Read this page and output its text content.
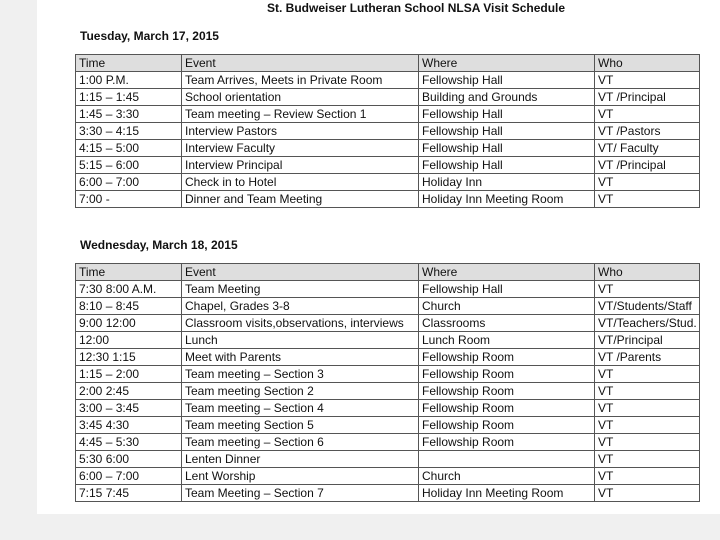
St. Budweiser Lutheran School NLSA Visit Schedule
Tuesday, March 17, 2015
Time	Event	Where	Who
1:00 P.M.	Team Arrives, Meets in Private Room	Fellowship Hall	VT
1:15 – 1:45	School orientation	Building and Grounds	VT /Principal
1:45 – 3:30	Team meeting – Review Section 1	Fellowship Hall	VT
3:30 – 4:15	Interview Pastors	Fellowship Hall	VT /Pastors
4:15 – 5:00	Interview Faculty	Fellowship Hall	VT/ Faculty
5:15 – 6:00	Interview Principal	Fellowship Hall	VT /Principal
6:00 – 7:00	Check in to Hotel	Holiday Inn	VT
7:00 -	Dinner and Team Meeting	Holiday Inn Meeting Room	VT
Wednesday, March 18, 2015
Time	Event	Where	Who
7:30 8:00 A.M.	Team Meeting	Fellowship Hall	VT
8:10 – 8:45	Chapel, Grades 3-8	Church	VT/Students/Staff
9:00 12:00	Classroom visits,observations, interviews	Classrooms	VT/Teachers/Stud.
12:00	Lunch	Lunch Room	VT/Principal
12:30 1:15	Meet with Parents	Fellowship Room	VT /Parents
1:15 – 2:00	Team meeting – Section 3	Fellowship Room	VT
2:00 2:45	Team meeting Section 2	Fellowship Room	VT
3:00 – 3:45	Team meeting – Section 4	Fellowship Room	VT
3:45 4:30	Team meeting Section 5	Fellowship Room	VT
4:45 – 5:30	Team meeting – Section 6	Fellowship Room	VT
5:30 6:00	Lenten Dinner		VT
6:00 – 7:00	Lent Worship	Church	VT
7:15 7:45	Team Meeting – Section 7	Holiday Inn Meeting Room	VT
